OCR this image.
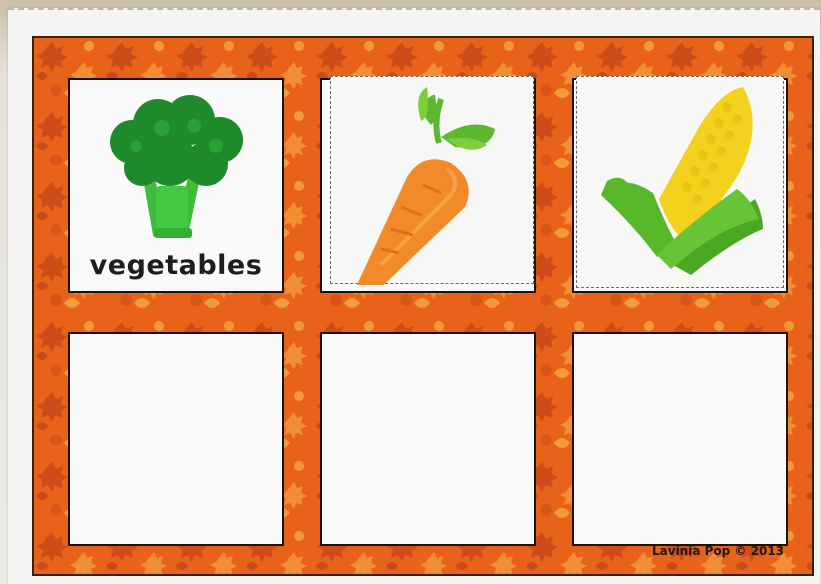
vegetables
Lavinia Pop © 2013
